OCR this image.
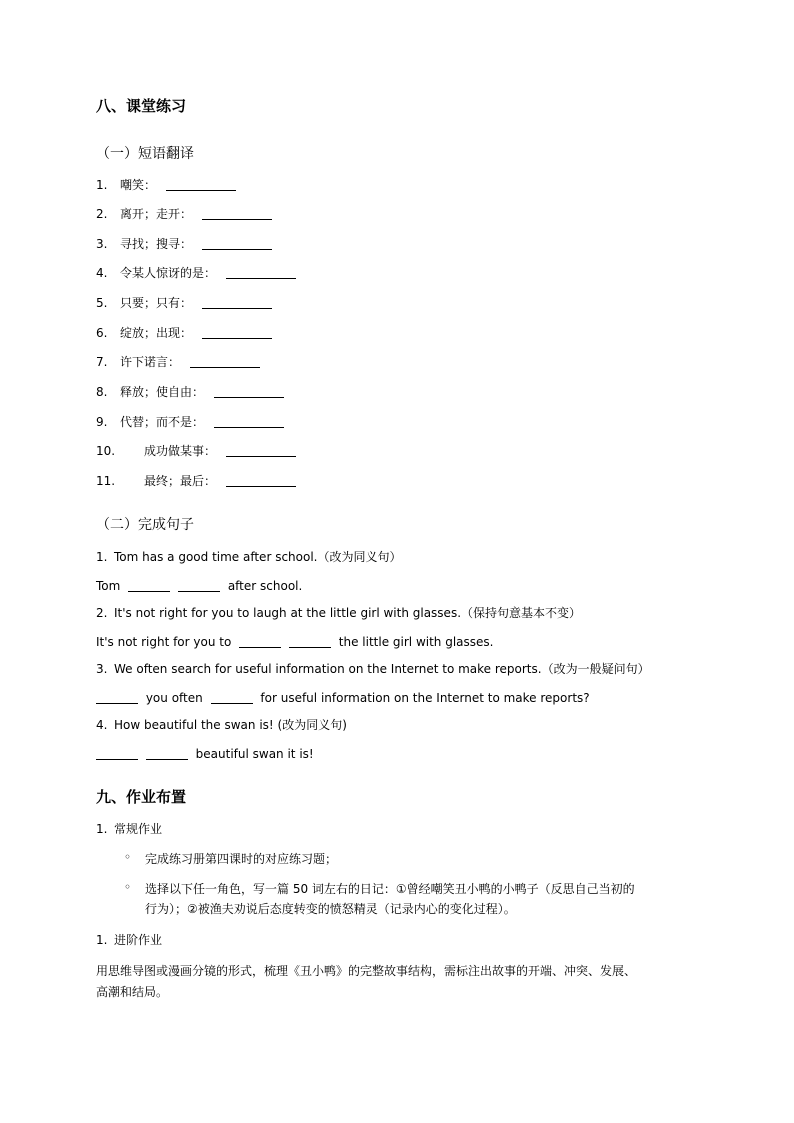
八、课堂练习
（一）短语翻译
1. 嘲笑：
2. 离开；走开：
3. 寻找；搜寻：
4. 令某人惊讶的是：
5. 只要；只有：
6. 绽放；出现：
7. 许下诺言：
8. 释放；使自由：
9. 代替；而不是：
10. 成功做某事：
11. 最终；最后：
（二）完成句子
1. Tom has a good time after school.（改为同义句）
Tom	after school.
2. It's not right for you to laugh at the little girl with glasses.（保持句意基本不变）
It's not right for you to	the little girl with glasses.
3. We often search for useful information on the Internet to make reports.（改为一般疑问句）
you often	for useful information on the Internet to make reports?
4. How beautiful the swan is! (改为同义句)
beautiful swan it is!
九、作业布置
1. 常规作业
◦ 完成练习册第四课时的对应练习题；
◦ 选择以下任一角色，写一篇 50 词左右的日记：①曾经嘲笑丑小鸭的小鸭子（反思自己当初的
行为）；②被渔夫劝说后态度转变的愤怒精灵（记录内心的变化过程）。
1. 进阶作业
用思维导图或漫画分镜的形式，梳理《丑小鸭》的完整故事结构，需标注出故事的开端、冲突、发展、
高潮和结局。
